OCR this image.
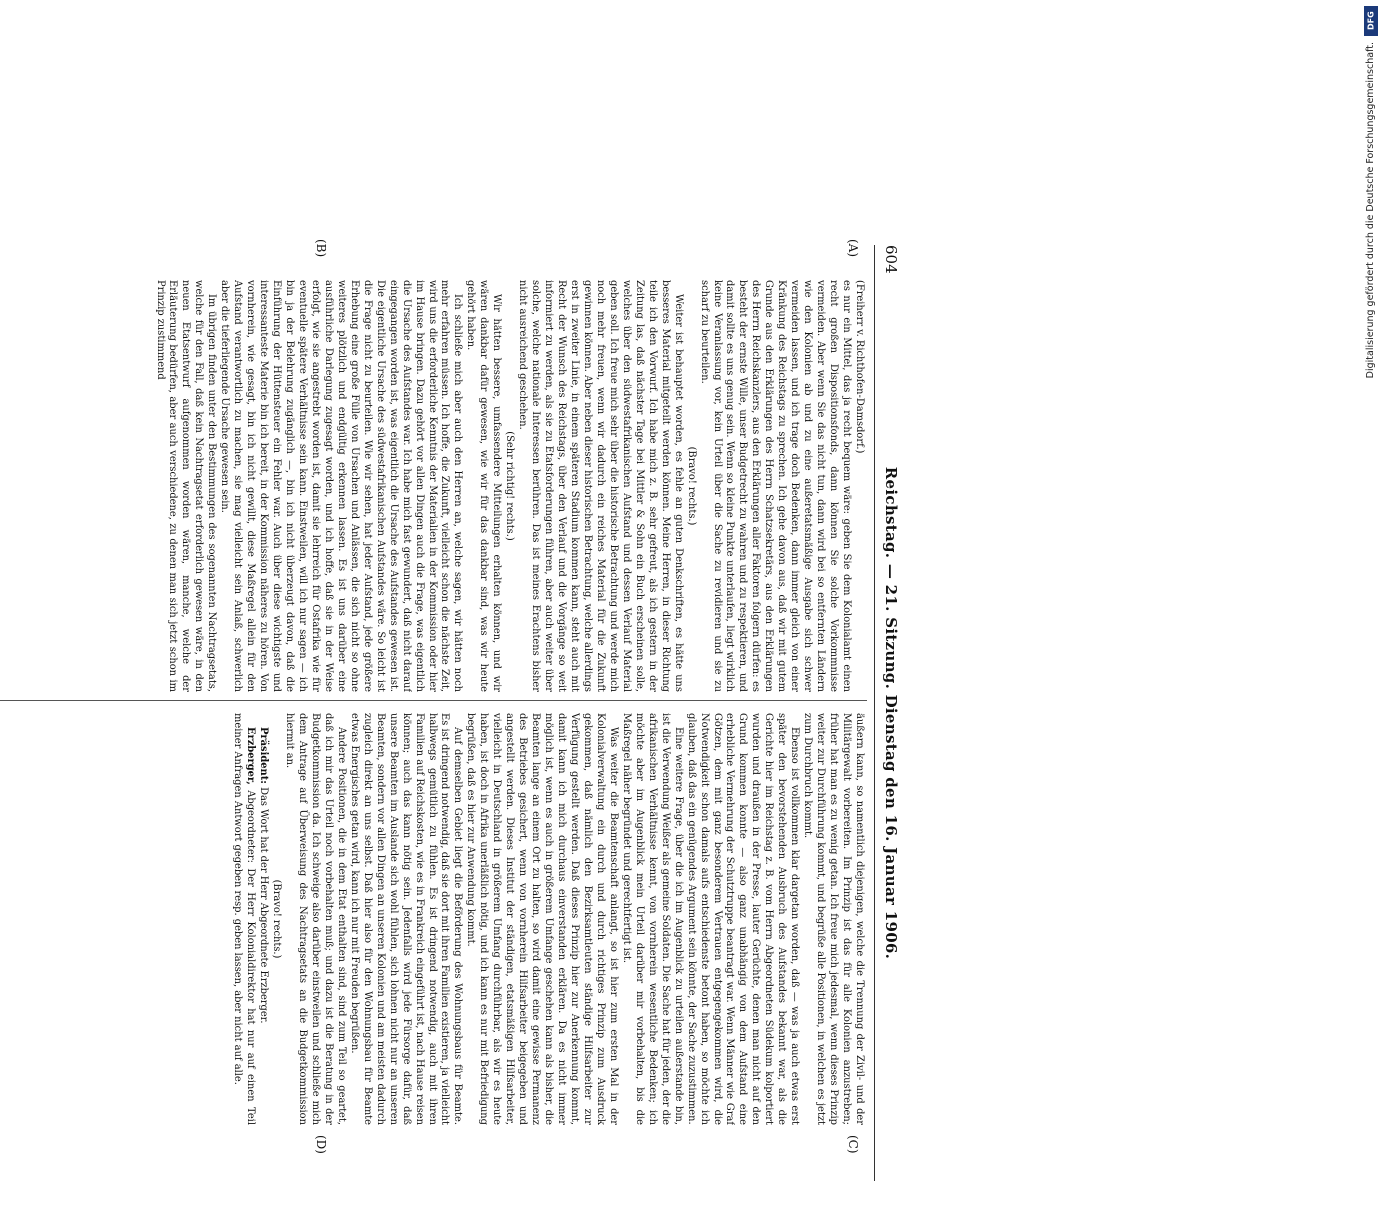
604
Reichstag. — 21. Sitzung. Dienstag den 16. Januar 1906.
(A)
(B)
(C)
(D)

(Freiherr v. Richthofen-Damsdorf.)

es nur ein Mittel, das ja recht bequem wäre: geben Sie dem Kolonialamt einen recht großen Dispositionsfonds, dann können Sie solche Vorkommnisse vermeiden. Aber wenn Sie das nicht tun, dann wird bei so entfernten Ländern wie den Kolonien ab und zu eine außeretatsmäßige Ausgabe sich schwer vermeiden lassen, und ich trage doch Bedenken, dann immer gleich von einer Kränkung des Reichstags zu sprechen. Ich gehe davon aus, daß wir mit gutem Grunde aus den Erklärungen des Herrn Schatzsekretärs, aus den Erklärungen des Herrn Reichskanzlers, aus den Erklärungen aller Faktoren folgern dürfen: es besteht der ernste Wille, unser Budgetrecht zu wahren und zu respektieren, und damit sollte es uns genug sein. Wenn so kleine Punkte unterlaufen, liegt wirklich keine Veranlassung vor, kein Urteil über die Sache zu revidieren und sie zu scharf zu beurteilen.

(Bravo! rechts.)

Weiter ist behauptet worden, es fehle an guten Denkschriften, es hätte uns besseres Material mitgeteilt werden können. Meine Herren, in dieser Richtung teile ich den Vorwurf. Ich habe mich z. B. sehr gefreut, als ich gestern in der Zeitung las, daß nächster Tage bei Mittler & Sohn ein Buch erscheinen solle, welches über den südwestafrikanischen Aufstand und dessen Verlauf Material geben soll. Ich freue mich sehr über die historische Betrachtung und werde mich noch mehr freuen, wenn wir dadurch ein reiches Material für die Zukunft gewinnen können. Aber neben dieser historischen Betrachtung, welche allerdings erst in zweiter Linie, in einem späteren Stadium kommen kann, steht auch mit Recht der Wunsch des Reichstags, über den Verlauf und die Vorgänge so weit informiert zu werden, als sie zu Etatsforderungen führen, aber auch weiter über solche, welche nationale Interessen berühren. Das ist meines Erachtens bisher nicht ausreichend geschehen.

(Sehr richtig! rechts.)

Wir hätten bessere, umfassendere Mitteilungen erhalten können, und wir wären dankbar dafür gewesen, wie wir für das dankbar sind, was wir heute gehört haben.

Ich schließe mich aber auch den Herren an, welche sagen, wir hätten noch mehr erfahren müssen. Ich hoffe, die Zukunft, vielleicht schon die nächste Zeit, wird uns die erforderliche Kenntnis der Materialien in der Kommission oder hier im Hause bringen. Dazu gehört vor allen Dingen auch die Frage, was eigentlich die Ursache des Aufstandes war. Ich habe mich fast gewundert, daß nicht darauf eingegangen worden ist, was eigentlich die Ursache des Aufstandes gewesen ist. Die eigentliche Ursache des südwestafrikanischen Aufstandes wäre. So leicht ist die Frage nicht zu beurteilen. Wie wir sehen, hat jeder Aufstand, jede größere Erhebung eine große Fülle von Ursachen und Anlässen, die sich nicht so ohne weiteres plötzlich und endgültig erkennen lassen. Es ist uns darüber eine ausführliche Darlegung zugesagt worden, und ich hoffe, daß sie in der Weise erfolgt, wie sie angestrebt worden ist, damit sie lehrreich für Ostafrika wie für eventuelle spätere Verhältnisse sein kann. Einstweilen, will ich nur sagen — ich bin ja der Belehrung zugänglich —, bin ich nicht überzeugt davon, daß die Einführung der Hüttensteuer ein Fehler war. Auch über diese wichtigste und interessanteste Materie bin ich bereit, in der Kommission näheres zu hören. Von vornherein, wie gesagt, bin ich nicht gewillt, diese Maßregel allein für den Aufstand verantwortlich zu machen, sie mag vielleicht sein Anlaß, schwerlich aber die tieferliegende Ursache gewesen sein.

Im übrigen finden unter den Bestimmungen des sogenannten Nachtragsetats, welche für den Fall, daß kein Nachtragsetat erforderlich gewesen wäre, in den neuen Etatsentwurf aufgenommen worden wären, manche, welche der Erläuterung bedürfen, aber auch verschiedene, zu denen man sich jetzt schon im Prinzip zustimmend

äußern kann, so namentlich diejenigen, welche die Trennung der Zivil- und der Militärgewalt vorbereiten. Im Prinzip ist das für alle Kolonien anzustreben; früher hat man es zu wenig getan. Ich freue mich jedesmal, wenn dieses Prinzip weiter zur Durchführung kommt, und begrüße alle Positionen, in welchen es jetzt zum Durchbruch kommt.

Ebenso ist vollkommen klar dargetan worden, daß — was ja auch etwas erst später den bevorstehenden Ausbruch des Aufstandes bekannt war, als die Gerichte hier im Reichstag z. B. vom Herrn Abgeordneten Südekum kolportiert wurden und draußen in der Presse, lauter Gerüchte, denen man nicht auf den Grund kommen konnte — also ganz unabhängig von dem Aufstand eine erhebliche Vermehrung der Schutztruppe beantragt war. Wenn Männer wie Graf Götzen, dem mit ganz besonderem Vertrauen entgegengekommen wird, die Notwendigkeit schon damals aufs entschiedenste betont haben, so möchte ich glauben, daß das ein genügendes Argument sein könnte, der Sache zuzustimmen.

Eine weitere Frage, über die ich im Augenblick zu urteilen außerstande bin, ist die Verwendung Weißer als gemeine Soldaten. Die Sache hat für jeden, der die afrikanischen Verhältnisse kennt, von vornherein wesentliche Bedenken; ich möchte aber im Augenblick mein Urteil darüber mir vorbehalten, bis die Maßregel näher begründet und gerechtfertigt ist.

Was weiter die Beamtenschaft anlangt, so ist hier zum ersten Mal in der Kolonialverwaltung ein durch und durch richtiges Prinzip zum Ausdruck gekommen, daß nämlich den Bezirksamtleuten ständige Hilfsarbeiter zur Verfügung gestellt werden. Daß dieses Prinzip hier zur Anerkennung kommt, damit kann ich mich durchaus einverstanden erklären. Da es nicht immer möglich ist, wenn es auch in größerem Umfange geschehen kann als bisher, die Beamten lange an einem Ort zu halten, so wird damit eine gewisse Permanenz des Betriebes gesichert, wenn von vornherein Hilfsarbeiter beigegeben und angestellt werden. Dieses Institut der ständigen, etatsmäßigen Hilfsarbeiter, vielleicht in Deutschland in größerem Umfang durchführbar, als wir es heute haben, ist doch in Afrika unerläßlich nötig, und ich kann es nur mit Befriedigung begrüßen, daß es hier zur Anwendung kommt.

Auf demselben Gebiet liegt die Beförderung des Wohnungsbaus für Beamte. Es ist dringend notwendig, daß sie dort mit ihren Familien existieren, ja vielleicht halbwegs gemütlich zu fühlen. Es ist dringend notwendig, auch mit ihren Familien auf Reichskosten, wie es in Frankreich eingeführt ist, nach Hause reisen können; auch das kann nötig sein. Jedenfalls wird jede Fürsorge dafür, daß unsere Beamten im Auslande sich wohl fühlen, sich lohnen nicht nur an unseren Beamten, sondern vor allen Dingen an unseren Kolonien und am meisten dadurch zugleich direkt an uns selbst. Daß hier also für den Wohnungsbau für Beamte etwas Energisches getan wird, kann ich nur mit Freuden begrüßen.

Andere Positionen, die in dem Etat enthalten sind, sind zum Teil so geartet, daß ich mir das Urteil noch vorbehalten muß; und dazu ist die Beratung in der Budgetkommission da. Ich schweige also darüber einstweilen und schließe mich dem Antrage auf Überweisung des Nachtragsetats an die Budgetkommission hiermit an.

(Bravo! rechts.)

Präsident: Das Wort hat der Herr Abgeordnete Erzberger.

Erzberger, Abgeordneter: Der Herr Kolonialdirektor hat nur auf einen Teil meiner Anfragen Antwort gegeben resp. geben lassen, aber nicht auf alle.

DFG
Digitalisierung gefördert durch die Deutsche Forschungsgemeinschaft.
